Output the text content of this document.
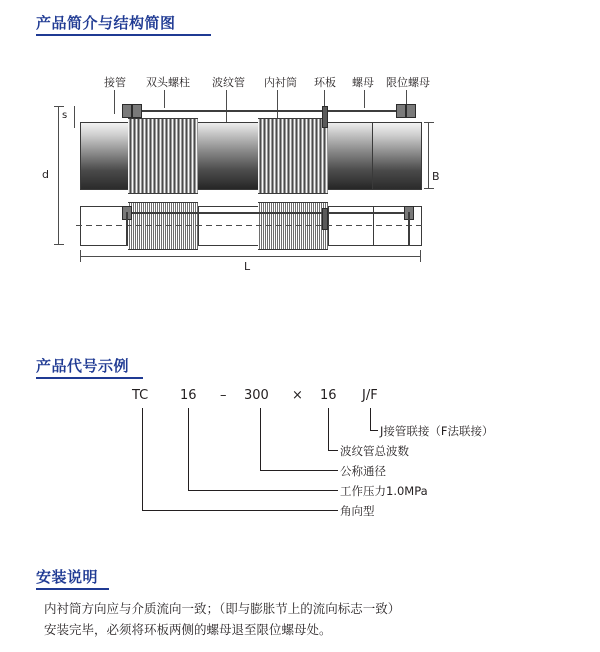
产品简介与结构简图
接管 双头螺柱 波纹管 内衬筒 环板 螺母 限位螺母
s
d	B
L
产品代号示例
TC 16 – 300 × 16 J/F
J接管联接（F法联接）
波纹管总波数
公称通径
工作压力1.0MPa
角向型
安装说明
内衬筒方向应与介质流向一致；（即与膨胀节上的流向标志一致）
安装完毕，必须将环板两侧的螺母退至限位螺母处。
